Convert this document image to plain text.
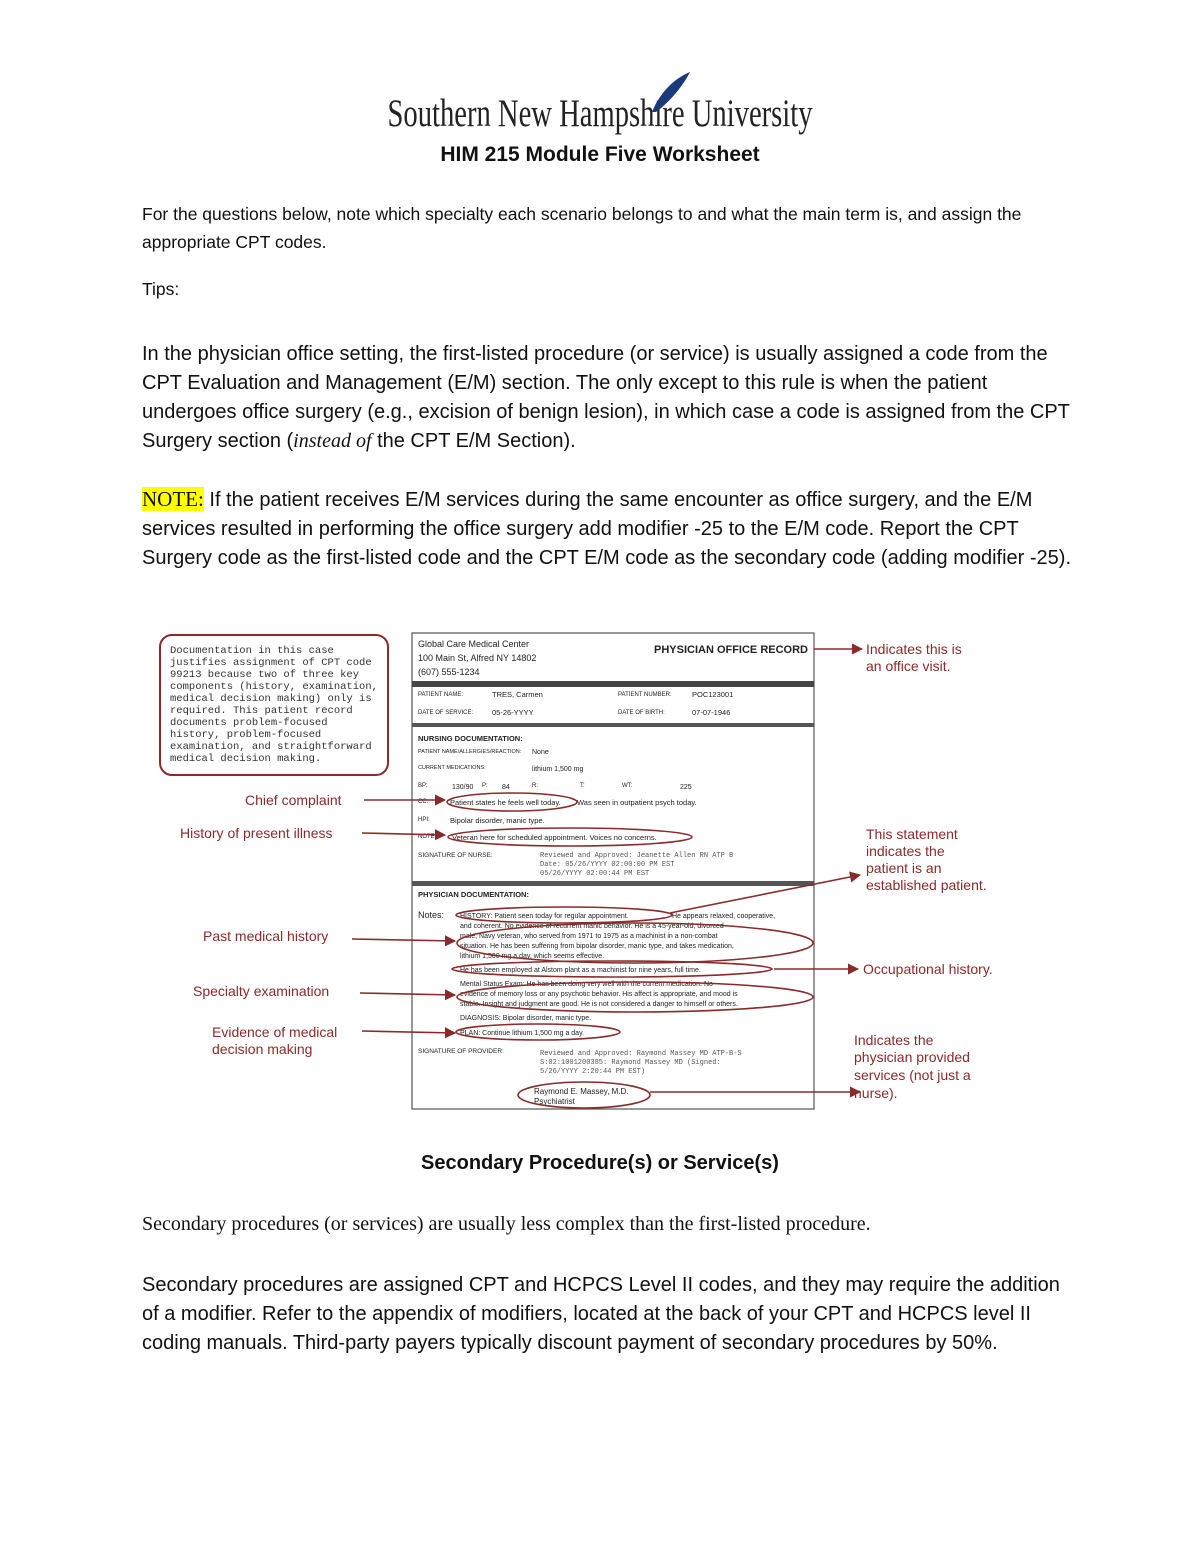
Southern New Hampshire University
HIM 215 Module Five Worksheet
For the questions below, note which specialty each scenario belongs to and what the main term is, and assign the appropriate CPT codes.
Tips:
In the physician office setting, the first-listed procedure (or service) is usually assigned a code from the CPT Evaluation and Management (E/M) section. The only except to this rule is when the patient undergoes office surgery (e.g., excision of benign lesion), in which case a code is assigned from the CPT Surgery section (instead of the CPT E/M Section).
NOTE: If the patient receives E/M services during the same encounter as office surgery, and the E/M services resulted in performing the office surgery add modifier -25 to the E/M code. Report the CPT Surgery code as the first-listed code and the CPT E/M code as the secondary code (adding modifier -25).
Documentation in this case
justifies assignment of CPT code
99213 because two of three key
components (history, examination,
medical decision making) only is
required. This patient record
documents problem-focused
history, problem-focused
examination, and straightforward
medical decision making.
Global Care Medical Center
100 Main St, Alfred NY 14802
(607) 555-1234
PHYSICIAN OFFICE RECORD
PATIENT NAME:	TRES, Carmen	PATIENT NUMBER:	POC123001
DATE OF SERVICE:	05-26-YYYY	DATE OF BIRTH:	07-07-1946
NURSING DOCUMENTATION:
PATIENT NAME/ALLERGIES/REACTION: None
CURRENT MEDICATIONS:	lithium 1,500 mg
BP:	130/90 P: 84	R:	T:	WT:	225
CC:	Patient states he feels well today. Was seen in outpatient psych today.
HPI:	Bipolar disorder, manic type.
NOTES: Veteran here for scheduled appointment. Voices no concerns.
SIGNATURE OF NURSE:	Reviewed and Approved: Jeanette Allen RN ATP B
Date: 05/26/YYYY 02:00:00 PM EST
05/26/YYYY 02:00:44 PM EST
PHYSICIAN DOCUMENTATION:
Notes: HISTORY: Patient seen today for regular appointment.	He appears relaxed, cooperative,
and coherent. No evidence of recurrent manic behavior. He is a 45-year-old, divorced
male, Navy veteran, who served from 1971 to 1975 as a machinist in a non-combat
situation. He has been suffering from bipolar disorder, manic type, and takes medication,
lithium 1,500 mg a day, which seems effective.
He has been employed at Alstom plant as a machinist for nine years, full time.
Mental Status Exam: He has been doing very well with the current medication. No
evidence of memory loss or any psychotic behavior. His affect is appropriate, and mood is
stable. Insight and judgment are good. He is not considered a danger to himself or others.
DIAGNOSIS: Bipolar disorder, manic type.
PLAN: Continue lithium 1,500 mg a day.
SIGNATURE OF PROVIDER:	Reviewed and Approved: Raymond Massey MD ATP-B-S
S:02:1001200385: Raymond Massey MD (Signed:
5/26/YYYY 2:20:44 PM EST)
Raymond E. Massey, M.D.
Psychiatrist
Chief complaint
History of present illness
Past medical history
Specialty examination
Evidence of medical
decision making
Indicates this is
an office visit.
This statement
indicates the
patient is an
established patient.
Occupational history.
Indicates the
physician provided
services (not just a
nurse).
Secondary Procedure(s) or Service(s)
Secondary procedures (or services) are usually less complex than the first-listed procedure.
Secondary procedures are assigned CPT and HCPCS Level II codes, and they may require the addition of a modifier. Refer to the appendix of modifiers, located at the back of your CPT and HCPCS level II coding manuals. Third-party payers typically discount payment of secondary procedures by 50%.
